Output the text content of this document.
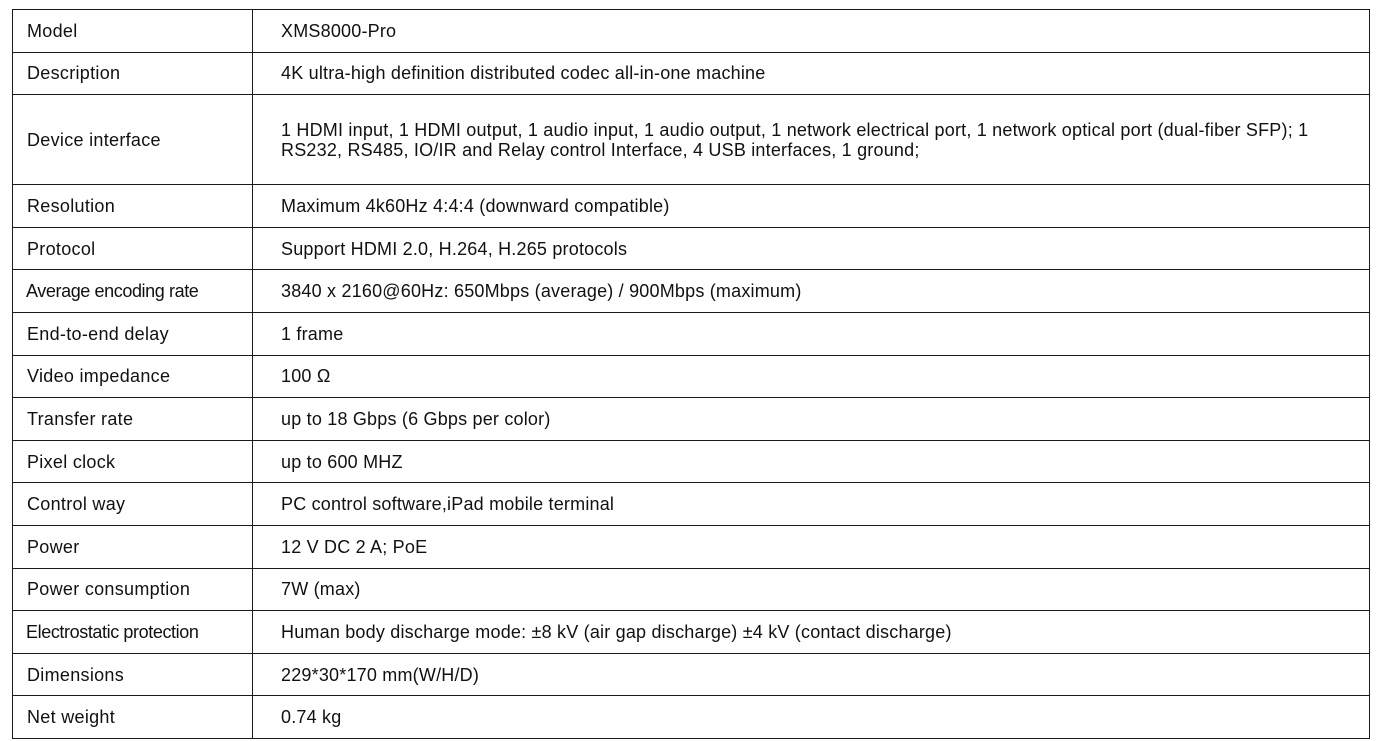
Model	XMS8000-Pro
Description	4K ultra-high definition distributed codec all-in-one machine
Device interface	1 HDMI input, 1 HDMI output, 1 audio input, 1 audio output, 1 network electrical port, 1 network optical port (dual-fiber SFP); 1 RS232, RS485, IO/IR and Relay control Interface, 4 USB interfaces, 1 ground;
Resolution	Maximum 4k60Hz 4:4:4 (downward compatible)
Protocol	Support HDMI 2.0, H.264, H.265 protocols
Average encoding rate	3840 x 2160@60Hz: 650Mbps (average) / 900Mbps (maximum)
End-to-end delay	1 frame
Video impedance	100 Ω
Transfer rate	up to 18 Gbps (6 Gbps per color)
Pixel clock	up to 600 MHZ
Control way	PC control software,iPad mobile terminal
Power	12 V DC 2 A; PoE
Power consumption	7W (max)
Electrostatic protection	Human body discharge mode: ±8 kV (air gap discharge) ±4 kV (contact discharge)
Dimensions	229*30*170 mm(W/H/D)
Net weight	0.74 kg
